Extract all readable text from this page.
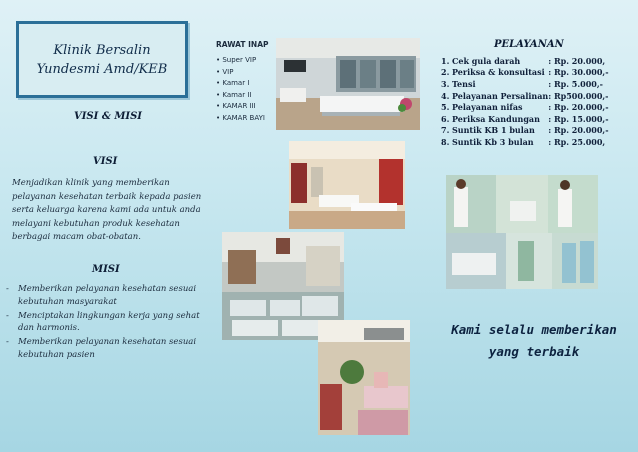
Klinik Bersalin
Yundesmi Amd/KEB
VISI & MISI
VISI
Menjadikan klinik yang memberikan pelayanan kesehatan terbaik kepada pasien serta keluarga karena kami ada untuk anda melayani kebutuhan produk kesehatan berbagai macam obat-obatan.
MISI
- Memberikan pelayanan kesehatan sesuai kebutuhan masyarakat
- Menciptakan lingkungan kerja yang sehat dan harmonis.
- Memberikan pelayanan kesehatan sesuai kebutuhan pasien
RAWAT INAP
• Super VIP
• VIP
• Kamar I
• Kamar II
• KAMAR III
• KAMAR BAYI
PELAYANAN
1.	Cek gula darah	: Rp. 20.000,
2.	Periksa & konsultasi	: Rp. 30.000,-
3.	Tensi	: Rp. 5.000,-
4.	Pelayanan Persalinan	: Rp500.000,-
5.	Pelayanan nifas	: Rp. 20.000,-
6.	Periksa Kandungan	: Rp. 15.000,-
7.	Suntik KB 1 bulan	: Rp. 20.000,-
8.	Suntik Kb 3 bulan	: Rp. 25.000,
Kami selalu memberikan
yang terbaik
